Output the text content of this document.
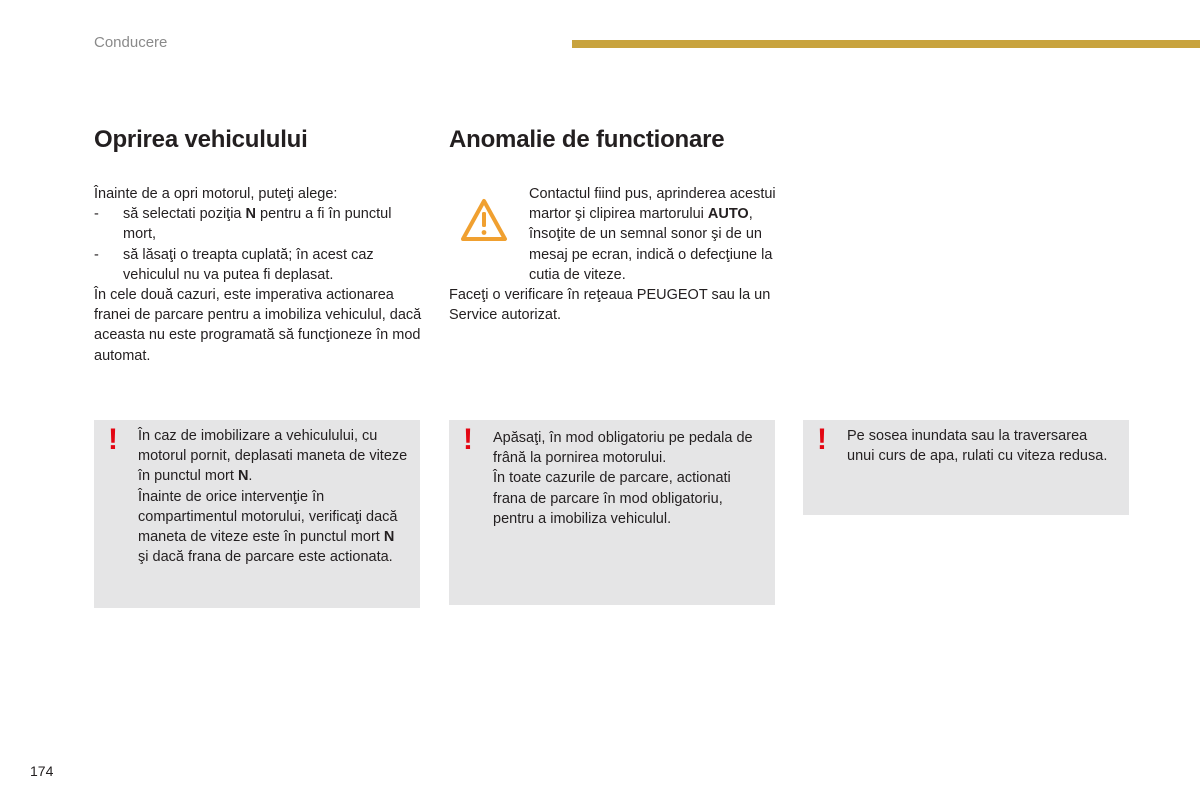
Conducere
Oprirea vehiculului	Anomalie de functionare

Înainte de a opri motorul, puteţi alege:

- să selectati poziţia N pentru a fi în punctul mort,

- să lăsaţi o treapta cuplată; în acest caz vehiculul nu va putea fi deplasat.

În cele două cazuri, este imperativa actionarea franei de parcare pentru a imobiliza vehiculul, dacă aceasta nu este programată să funcţioneze în mod automat.

Contactul fiind pus, aprinderea acestui martor şi clipirea martorului AUTO, însoţite de un semnal sonor şi de un mesaj pe ecran, indică o defecţiune la cutia de viteze.

Faceţi o verificare în reţeaua PEUGEOT sau la un Service autorizat.

! În caz de imobilizare a vehiculului, cu motorul pornit, deplasati maneta de viteze în punctul mort N.
Înainte de orice intervenţie în compartimentul motorului, verificaţi dacă maneta de viteze este în punctul mort N şi dacă frana de parcare este actionata.
! Apăsaţi, în mod obligatoriu pe pedala de frână la pornirea motorului.
În toate cazurile de parcare, actionati frana de parcare în mod obligatoriu, pentru a imobiliza vehiculul.
! Pe sosea inundata sau la traversarea unui curs de apa, rulati cu viteza redusa.
174
